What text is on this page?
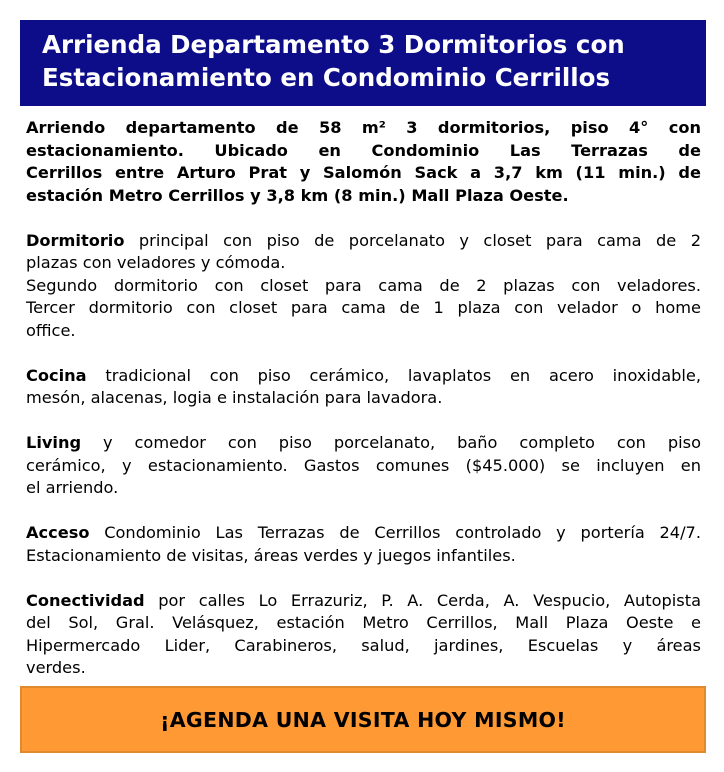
Arrienda Departamento 3 Dormitorios con
Estacionamiento en Condominio Cerrillos
Arriendo departamento de 58 m² 3 dormitorios, piso 4° con
estacionamiento. Ubicado en Condominio Las Terrazas de
Cerrillos entre Arturo Prat y Salomón Sack a 3,7 km (11 min.) de
estación Metro Cerrillos y 3,8 km (8 min.) Mall Plaza Oeste.
Dormitorio principal con piso de porcelanato y closet para cama de 2
plazas con veladores y cómoda.
Segundo dormitorio con closet para cama de 2 plazas con veladores.
Tercer dormitorio con closet para cama de 1 plaza con velador o home
office.
Cocina tradicional con piso cerámico, lavaplatos en acero inoxidable,
mesón, alacenas, logia e instalación para lavadora.
Living y comedor con piso porcelanato, baño completo con piso
cerámico, y estacionamiento. Gastos comunes ($45.000) se incluyen en
el arriendo.
Acceso Condominio Las Terrazas de Cerrillos controlado y portería 24/7.
Estacionamiento de visitas, áreas verdes y juegos infantiles.
Conectividad por calles Lo Errazuriz, P. A. Cerda, A. Vespucio, Autopista
del Sol, Gral. Velásquez, estación Metro Cerrillos, Mall Plaza Oeste e
Hipermercado Lider, Carabineros, salud, jardines, Escuelas y áreas
verdes.
¡AGENDA UNA VISITA HOY MISMO!
